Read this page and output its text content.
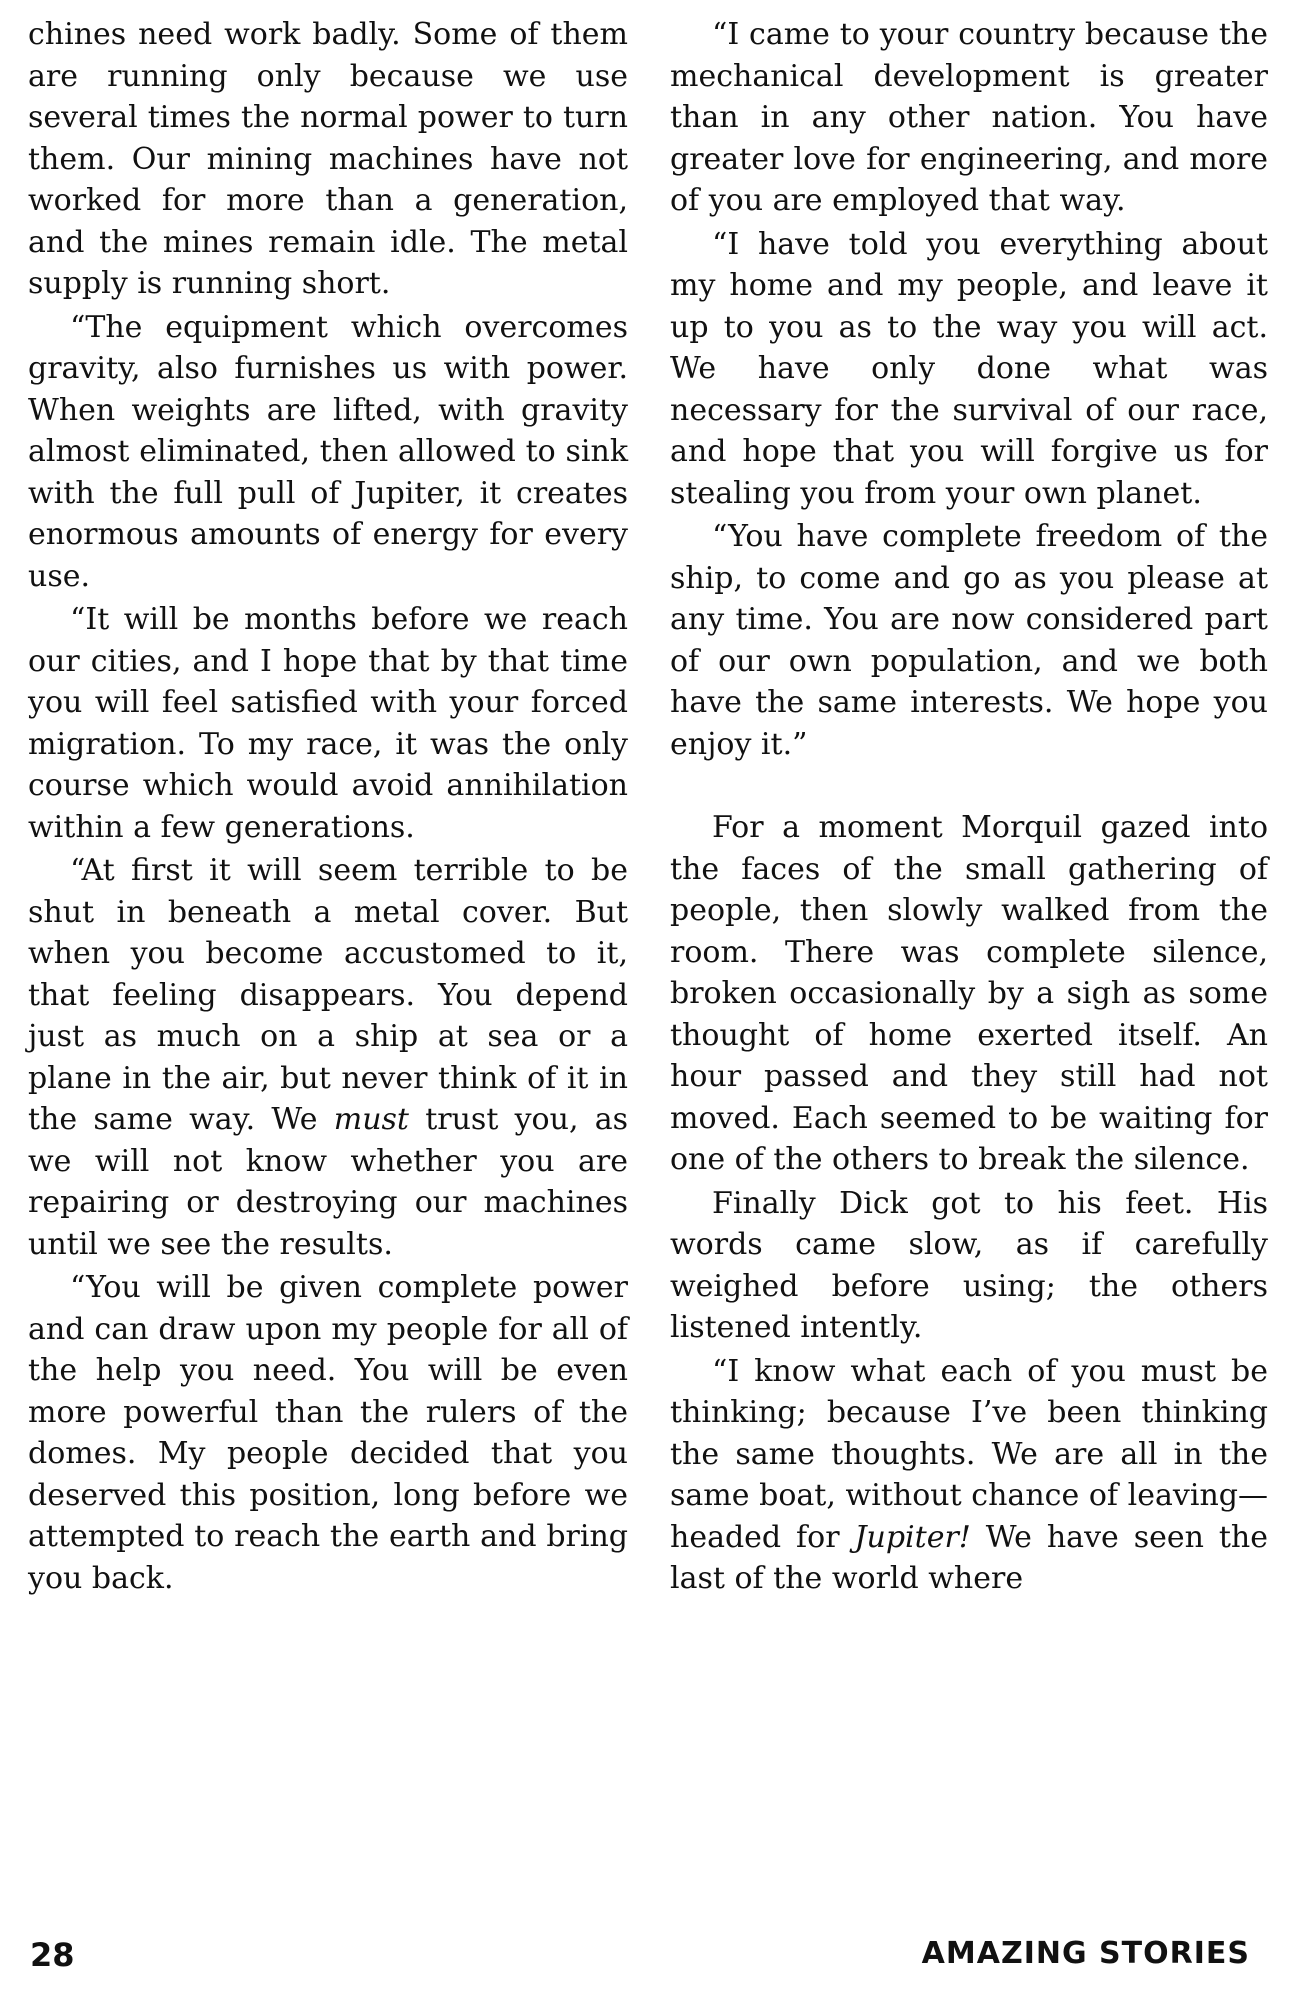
chines need work badly. Some of them are running only because we use several times the normal power to turn them. Our mining machines have not worked for more than a generation, and the mines remain idle. The metal supply is running short.

“The equipment which overcomes gravity, also furnishes us with power. When weights are lifted, with gravity almost eliminated, then allowed to sink with the full pull of Jupiter, it creates enormous amounts of energy for every use.

“It will be months before we reach our cities, and I hope that by that time you will feel satisfied with your forced migration. To my race, it was the only course which would avoid annihilation within a few generations.

“At first it will seem terrible to be shut in beneath a metal cover. But when you become accustomed to it, that feeling disappears. You depend just as much on a ship at sea or a plane in the air, but never think of it in the same way. We must trust you, as we will not know whether you are repairing or destroying our machines until we see the results.

“You will be given complete power and can draw upon my people for all of the help you need. You will be even more powerful than the rulers of the domes. My people decided that you deserved this position, long before we attempted to reach the earth and bring you back.

“I came to your country because the mechanical development is greater than in any other nation. You have greater love for engineering, and more of you are employed that way.

“I have told you everything about my home and my people, and leave it up to you as to the way you will act. We have only done what was necessary for the survival of our race, and hope that you will forgive us for stealing you from your own planet.

“You have complete freedom of the ship, to come and go as you please at any time. You are now considered part of our own population, and we both have the same interests. We hope you enjoy it.”

For a moment Morquil gazed into the faces of the small gathering of people, then slowly walked from the room. There was complete silence, broken occasionally by a sigh as some thought of home exerted itself. An hour passed and they still had not moved. Each seemed to be waiting for one of the others to break the silence.

Finally Dick got to his feet. His words came slow, as if carefully weighed before using; the others listened intently.

“I know what each of you must be thinking; because I’ve been thinking the same thoughts. We are all in the same boat, without chance of leaving—headed for Jupiter! We have seen the last of the world where

28	AMAZING STORIES
